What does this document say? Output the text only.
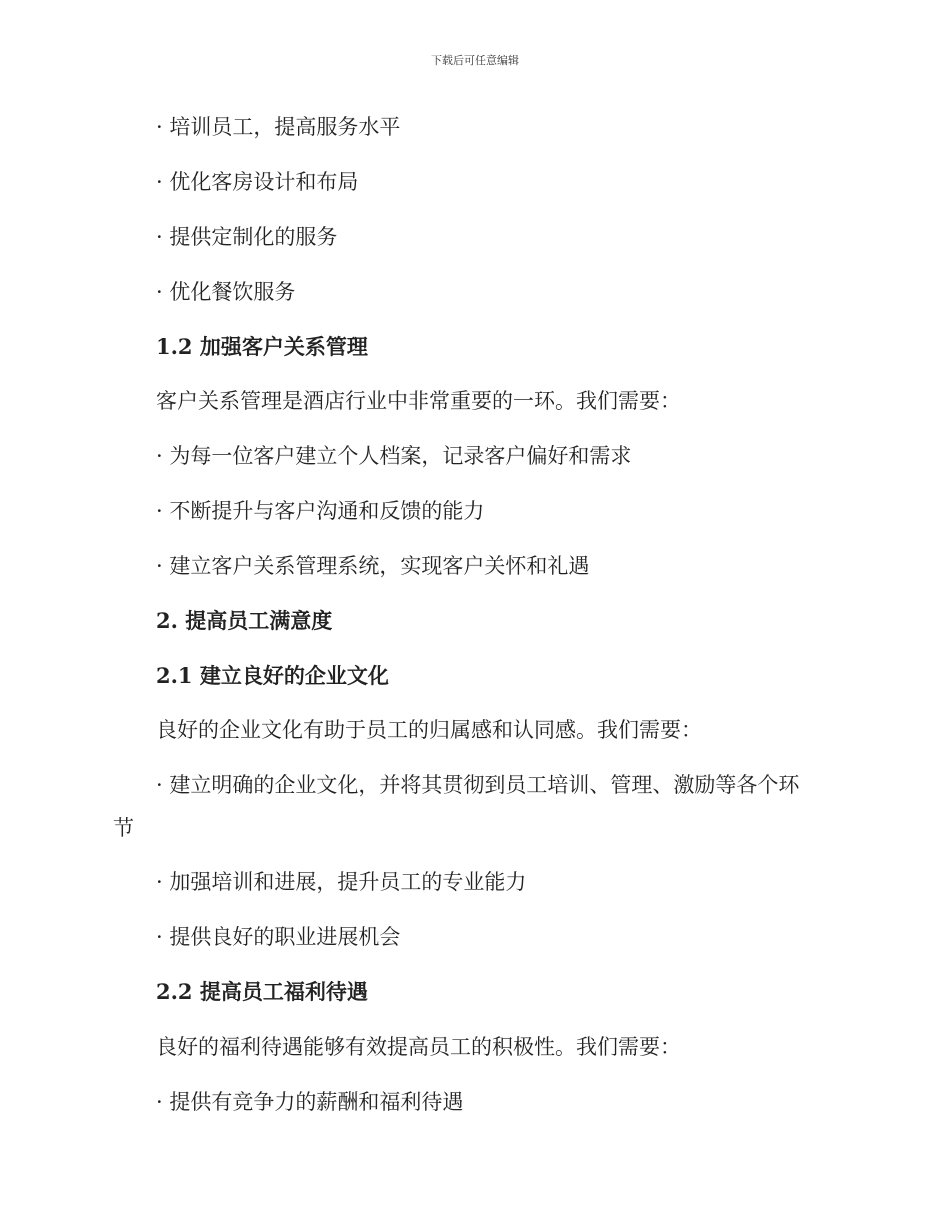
下载后可任意编辑
· 培训员工，提高服务水平
· 优化客房设计和布局
· 提供定制化的服务
· 优化餐饮服务
1.2 加强客户关系管理
客户关系管理是酒店行业中非常重要的一环。我们需要：
· 为每一位客户建立个人档案，记录客户偏好和需求
· 不断提升与客户沟通和反馈的能力
· 建立客户关系管理系统，实现客户关怀和礼遇
2. 提高员工满意度
2.1 建立良好的企业文化
良好的企业文化有助于员工的归属感和认同感。我们需要：
· 建立明确的企业文化，并将其贯彻到员工培训、管理、激励等各个环
节
· 加强培训和进展，提升员工的专业能力
· 提供良好的职业进展机会
2.2 提高员工福利待遇
良好的福利待遇能够有效提高员工的积极性。我们需要：
· 提供有竞争力的薪酬和福利待遇
